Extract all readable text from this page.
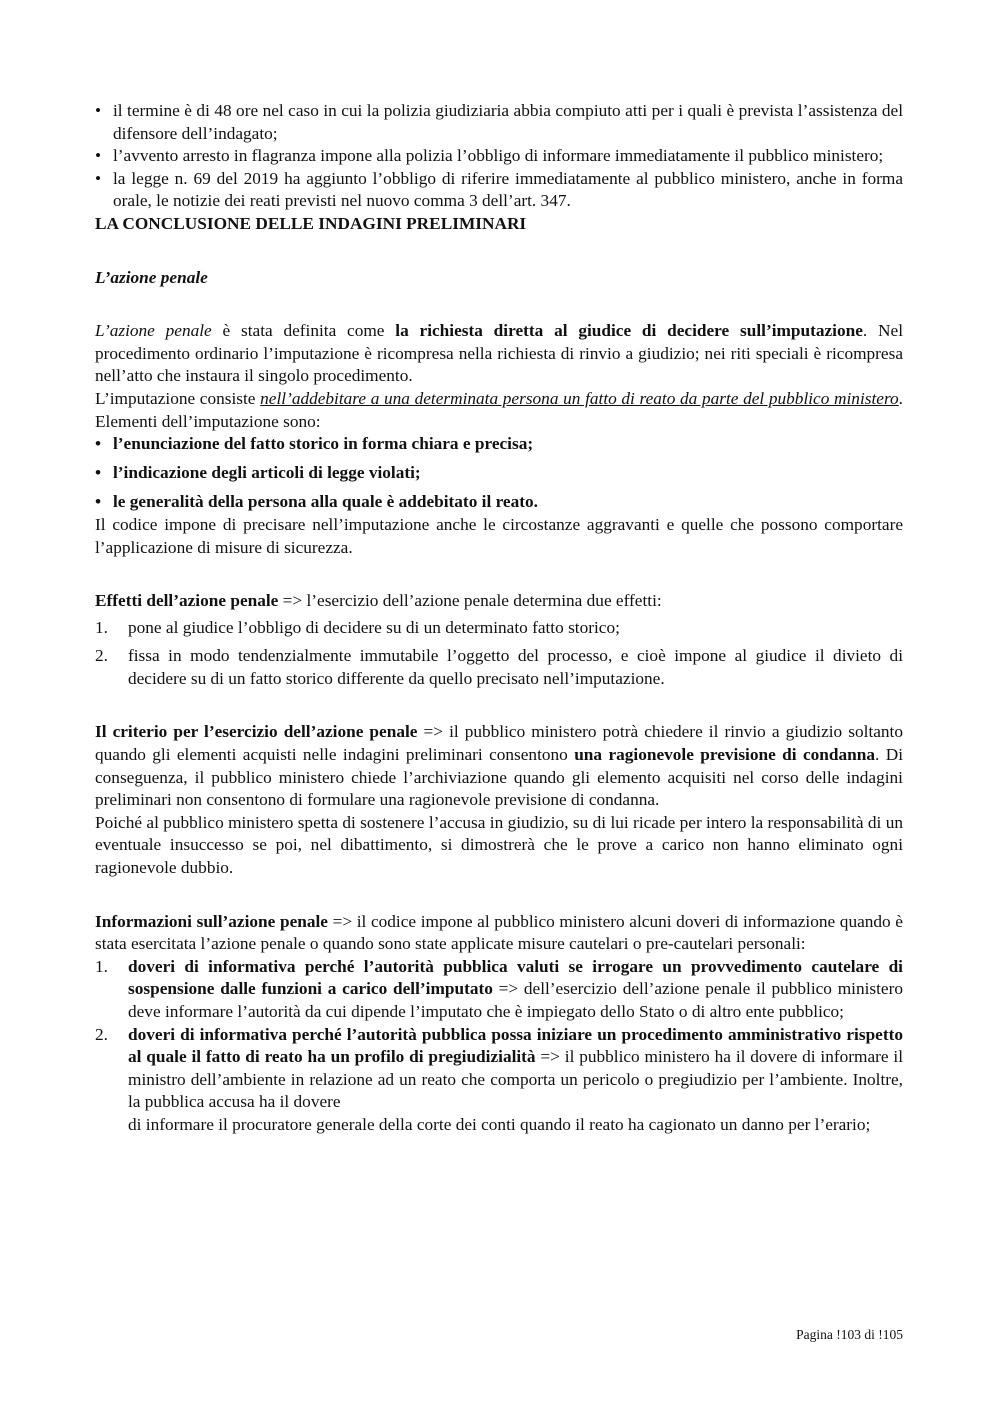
• il termine è di 48 ore nel caso in cui la polizia giudiziaria abbia compiuto atti per i quali è prevista l’assistenza del difensore dell’indagato;
• l’avvento arresto in flagranza impone alla polizia l’obbligo di informare immediatamente il pubblico ministero;
• la legge n. 69 del 2019 ha aggiunto l’obbligo di riferire immediatamente al pubblico ministero, anche in forma orale, le notizie dei reati previsti nel nuovo comma 3 dell’art. 347.

LA CONCLUSIONE DELLE INDAGINI PRELIMINARI

L’azione penale

L’azione penale è stata definita come la richiesta diretta al giudice di decidere sull’imputazione. Nel procedimento ordinario l’imputazione è ricompresa nella richiesta di rinvio a giudizio; nei riti speciali è ricompresa nell’atto che instaura il singolo procedimento.

L’imputazione consiste nell’addebitare a una determinata persona un fatto di reato da parte del pubblico ministero. Elementi dell’imputazione sono:

• l’enunciazione del fatto storico in forma chiara e precisa;
• l’indicazione degli articoli di legge violati;
• le generalità della persona alla quale è addebitato il reato.

Il codice impone di precisare nell’imputazione anche le circostanze aggravanti e quelle che possono comportare l’applicazione di misure di sicurezza.

Effetti dell’azione penale => l’esercizio dell’azione penale determina due effetti:

1. pone al giudice l’obbligo di decidere su di un determinato fatto storico;
2. fissa in modo tendenzialmente immutabile l’oggetto del processo, e cioè impone al giudice il divieto di decidere su di un fatto storico differente da quello precisato nell’imputazione.

Il criterio per l’esercizio dell’azione penale => il pubblico ministero potrà chiedere il rinvio a giudizio soltanto quando gli elementi acquisti nelle indagini preliminari consentono una ragionevole previsione di condanna. Di conseguenza, il pubblico ministero chiede l’archiviazione quando gli elemento acquisiti nel corso delle indagini preliminari non consentono di formulare una ragionevole previsione di condanna.

Poiché al pubblico ministero spetta di sostenere l’accusa in giudizio, su di lui ricade per intero la responsabilità di un eventuale insuccesso se poi, nel dibattimento, si dimostrerà che le prove a carico non hanno eliminato ogni ragionevole dubbio.

Informazioni sull’azione penale => il codice impone al pubblico ministero alcuni doveri di informazione quando è stata esercitata l’azione penale o quando sono state applicate misure cautelari o pre-cautelari personali:

1. doveri di informativa perché l’autorità pubblica valuti se irrogare un provvedimento cautelare di sospensione dalle funzioni a carico dell’imputato => dell’esercizio dell’azione penale il pubblico ministero deve informare l’autorità da cui dipende l’imputato che è impiegato dello Stato o di altro ente pubblico;
2. doveri di informativa perché l’autorità pubblica possa iniziare un procedimento amministrativo rispetto al quale il fatto di reato ha un profilo di pregiudizialità => il pubblico ministero ha il dovere di informare il ministro dell’ambiente in relazione ad un reato che comporta un pericolo o pregiudizio per l’ambiente. Inoltre, la pubblica accusa ha il dovere
di informare il procuratore generale della corte dei conti quando il reato ha cagionato un danno per l’erario;
Pagina !103 di !105
